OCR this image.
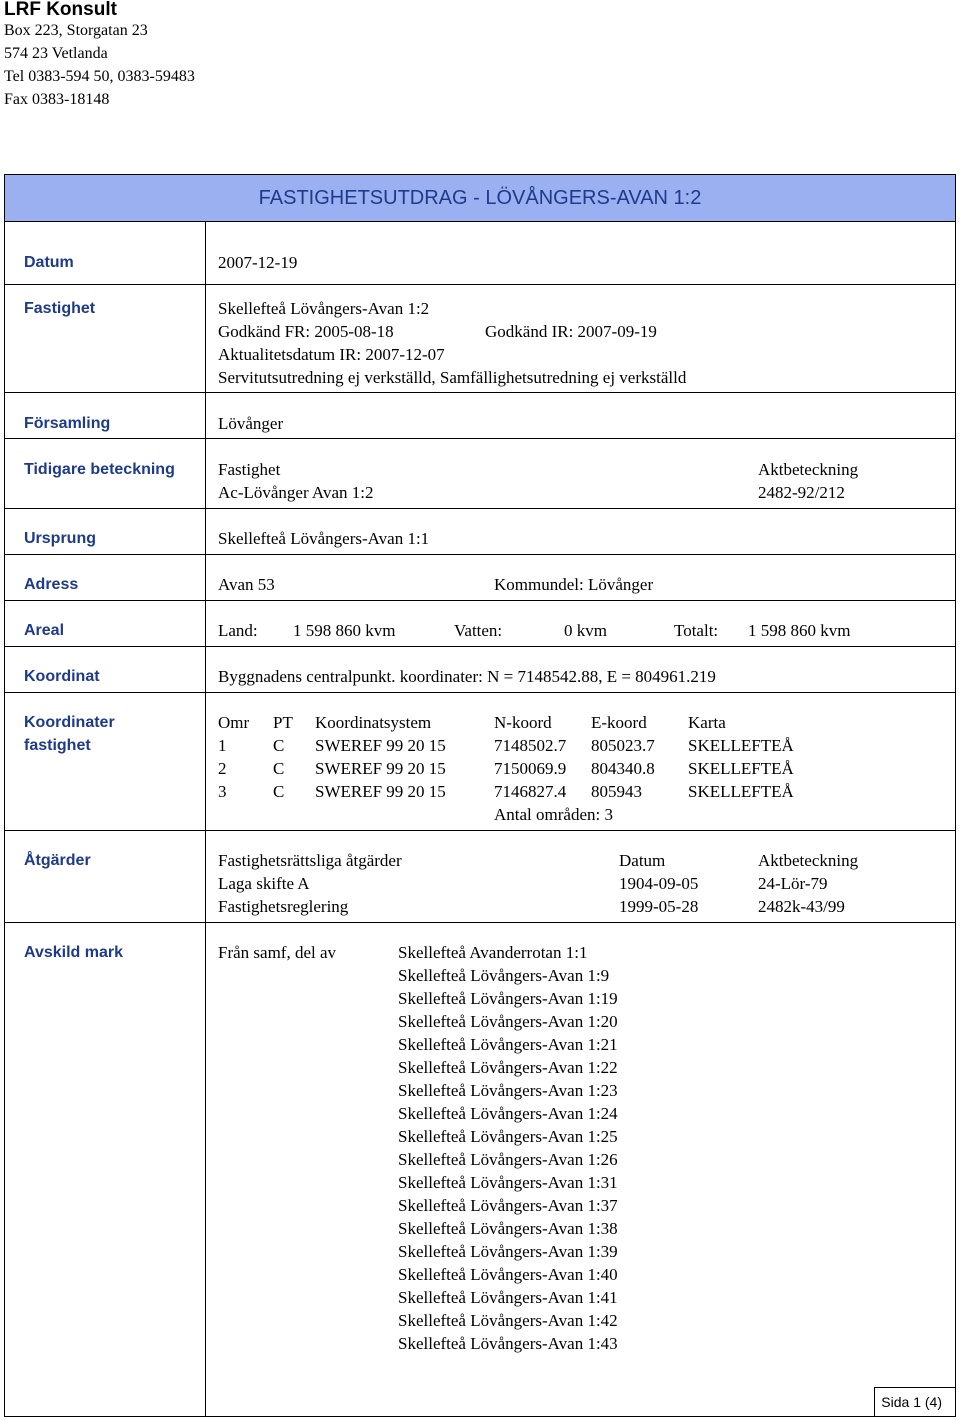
LRF Konsult
Box 223, Storgatan 23
574 23 Vetlanda
Tel 0383-594 50, 0383-59483
Fax 0383-18148
FASTIGHETSUTDRAG - LÖVÅNGERS-AVAN 1:2
Datum	2007-12-19
Fastighet	Skellefteå Lövångers-Avan 1:2
Godkänd FR: 2005-08-18	Godkänd IR: 2007-09-19
Aktualitetsdatum IR: 2007-12-07
Servitutsutredning ej verkställd, Samfällighetsutredning ej verkställd
Församling	Lövånger
Tidigare beteckning	Fastighet	Aktbeteckning
Ac-Lövånger Avan 1:2	2482-92/212
Ursprung	Skellefteå Lövångers-Avan 1:1
Adress	Avan 53	Kommundel: Lövånger
Areal	Land: 1 598 860 kvm	Vatten:	0 kvm	Totalt: 1 598 860 kvm
Koordinat	Byggnadens centralpunkt. koordinater: N = 7148542.88, E = 804961.219
Koordinater
fastighet
Omr PT Koordinatsystem	N-koord E-koord Karta
1	C SWEREF 99 20 15	7148502.7 805023.7 SKELLEFTEÅ
2	C SWEREF 99 20 15	7150069.9 804340.8 SKELLEFTEÅ
3	C SWEREF 99 20 15	7146827.4 805943	SKELLEFTEÅ
Antal områden: 3
Åtgärder	Fastighetsrättsliga åtgärder	Datum	Aktbeteckning
Laga skifte A	1904-09-05	24-Lör-79
Fastighetsreglering	1999-05-28	2482k-43/99
Avskild mark	Från samf, del av	Skellefteå Avanderrotan 1:1
Skellefteå Lövångers-Avan 1:9
Skellefteå Lövångers-Avan 1:19
Skellefteå Lövångers-Avan 1:20
Skellefteå Lövångers-Avan 1:21
Skellefteå Lövångers-Avan 1:22
Skellefteå Lövångers-Avan 1:23
Skellefteå Lövångers-Avan 1:24
Skellefteå Lövångers-Avan 1:25
Skellefteå Lövångers-Avan 1:26
Skellefteå Lövångers-Avan 1:31
Skellefteå Lövångers-Avan 1:37
Skellefteå Lövångers-Avan 1:38
Skellefteå Lövångers-Avan 1:39
Skellefteå Lövångers-Avan 1:40
Skellefteå Lövångers-Avan 1:41
Skellefteå Lövångers-Avan 1:42
Skellefteå Lövångers-Avan 1:43
Sida 1 (4)
